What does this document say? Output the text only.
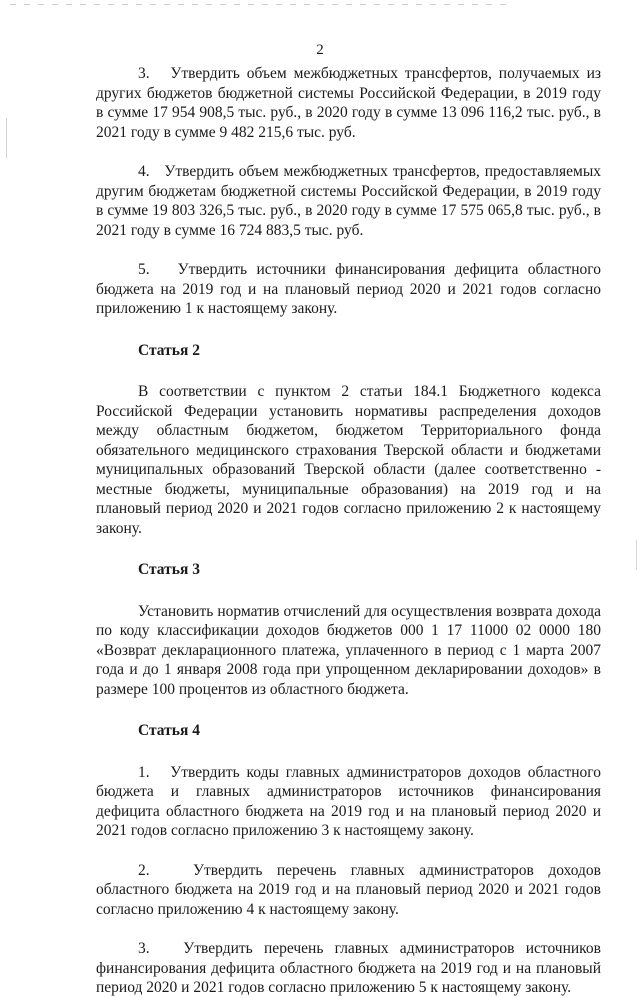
2

3.   Утвердить объем межбюджетных трансфертов, получаемых из других бюджетов бюджетной системы Российской Федерации, в 2019 году в сумме 17 954 908,5 тыс. руб., в 2020 году в сумме 13 096 116,2 тыс. руб., в 2021 году в сумме 9 482 215,6 тыс. руб.

4.   Утвердить объем межбюджетных трансфертов, предоставляемых другим бюджетам бюджетной системы Российской Федерации, в 2019 году в сумме 19 803 326,5 тыс. руб., в 2020 году в сумме 17 575 065,8 тыс. руб., в 2021 году в сумме 16 724 883,5 тыс. руб.

5.   Утвердить источники финансирования дефицита областного бюджета на 2019 год и на плановый период 2020 и 2021 годов согласно приложению 1 к настоящему закону.

Статья 2

В соответствии с пунктом 2 статьи 184.1 Бюджетного кодекса Российской Федерации установить нормативы распределения доходов между областным бюджетом, бюджетом Территориального фонда обязательного медицинского страхования Тверской области и бюджетами муниципальных образований Тверской области (далее соответственно - местные бюджеты, муниципальные образования) на 2019 год и на плановый период 2020 и 2021 годов согласно приложению 2 к настоящему закону.

Статья 3

Установить норматив отчислений для осуществления возврата дохода по коду классификации доходов бюджетов 000 1 17 11000 02 0000 180 «Возврат декларационного платежа, уплаченного в период с 1 марта 2007 года и до 1 января 2008 года при упрощенном декларировании доходов» в размере 100 процентов из областного бюджета.

Статья 4

1.   Утвердить коды главных администраторов доходов областного бюджета и главных администраторов источников финансирования дефицита областного бюджета на 2019 год и на плановый период 2020 и 2021 годов согласно приложению 3 к настоящему закону.

2.   Утвердить перечень главных администраторов доходов областного бюджета на 2019 год и на плановый период 2020 и 2021 годов согласно приложению 4 к настоящему закону.

3.   Утвердить перечень главных администраторов источников финансирования дефицита областного бюджета на 2019 год и на плановый период 2020 и 2021 годов согласно приложению 5 к настоящему закону.
